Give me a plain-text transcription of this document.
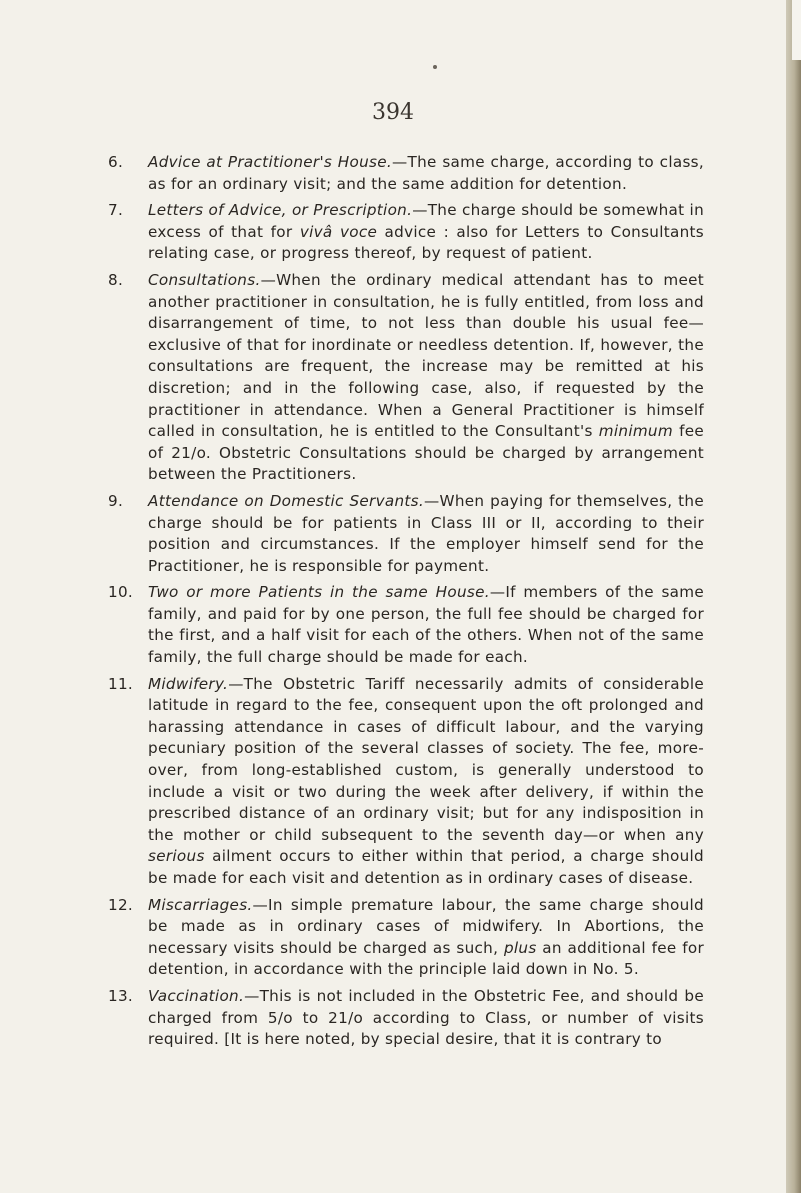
394
6.	Advice at Practitioner's House.—The same charge, according to class, as for an ordinary visit; and the same addition for detention.
7.	Letters of Advice, or Prescription.—The charge should be somewhat in excess of that for vivâ voce advice : also for Letters to Consultants relating case, or progress thereof, by request of patient.
8.	Consultations.—When the ordinary medical attendant has to meet another practitioner in consultation, he is fully entitled, from loss and disarrangement of time, to not less than double his usual fee— exclusive of that for inordinate or needless detention. If, however, the consultations are frequent, the increase may be remitted at his discretion; and in the following case, also, if requested by the practitioner in attendance. When a General Practitioner is himself called in consultation, he is entitled to the Consultant's minimum fee of 21/o. Obstetric Consultations should be charged by arrangement between the Practitioners.
9.	Attendance on Domestic Servants.—When paying for themselves, the charge should be for patients in Class III or II, according to their position and circumstances. If the employer himself send for the Practitioner, he is responsible for payment.
10. Two or more Patients in the same House.—If members of the same family, and paid for by one person, the full fee should be charged for the first, and a half visit for each of the others. When not of the same family, the full charge should be made for each.
11. Midwifery.—The Obstetric Tariff necessarily admits of considerable latitude in regard to the fee, consequent upon the oft prolonged and harassing attendance in cases of difficult labour, and the varying pecuniary position of the several classes of society. The fee, more- over, from long-established custom, is generally understood to include a visit or two during the week after delivery, if within the prescribed distance of an ordinary visit; but for any indisposition in the mother or child subsequent to the seventh day—or when any serious ailment occurs to either within that period, a charge should be made for each visit and detention as in ordinary cases of disease.
12. Miscarriages.—In simple premature labour, the same charge should be made as in ordinary cases of midwifery. In Abortions, the necessary visits should be charged as such, plus an additional fee for detention, in accordance with the principle laid down in No. 5.
13. Vaccination.—This is not included in the Obstetric Fee, and should be charged from 5/o to 21/o according to Class, or number of visits required. [It is here noted, by special desire, that it is contrary to
